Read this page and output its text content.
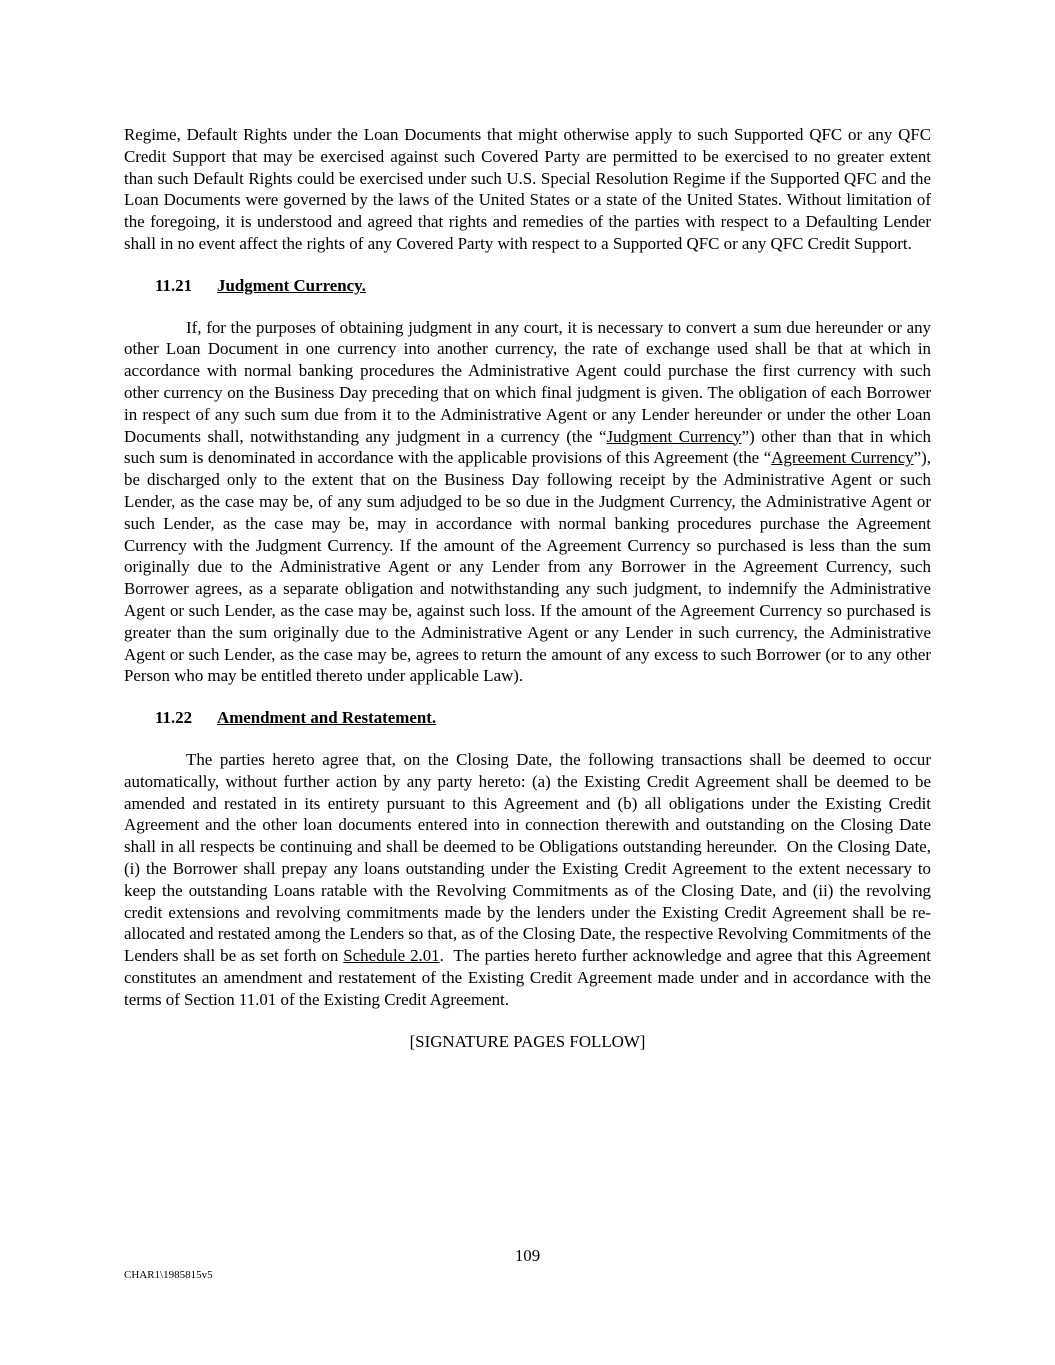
Regime, Default Rights under the Loan Documents that might otherwise apply to such Supported QFC or any QFC Credit Support that may be exercised against such Covered Party are permitted to be exercised to no greater extent than such Default Rights could be exercised under such U.S. Special Resolution Regime if the Supported QFC and the Loan Documents were governed by the laws of the United States or a state of the United States. Without limitation of the foregoing, it is understood and agreed that rights and remedies of the parties with respect to a Defaulting Lender shall in no event affect the rights of any Covered Party with respect to a Supported QFC or any QFC Credit Support.

11.21 Judgment Currency.

If, for the purposes of obtaining judgment in any court, it is necessary to convert a sum due hereunder or any other Loan Document in one currency into another currency, the rate of exchange used shall be that at which in accordance with normal banking procedures the Administrative Agent could purchase the first currency with such other currency on the Business Day preceding that on which final judgment is given. The obligation of each Borrower in respect of any such sum due from it to the Administrative Agent or any Lender hereunder or under the other Loan Documents shall, notwithstanding any judgment in a currency (the “Judgment Currency”) other than that in which such sum is denominated in accordance with the applicable provisions of this Agreement (the “Agreement Currency”), be discharged only to the extent that on the Business Day following receipt by the Administrative Agent or such Lender, as the case may be, of any sum adjudged to be so due in the Judgment Currency, the Administrative Agent or such Lender, as the case may be, may in accordance with normal banking procedures purchase the Agreement Currency with the Judgment Currency. If the amount of the Agreement Currency so purchased is less than the sum originally due to the Administrative Agent or any Lender from any Borrower in the Agreement Currency, such Borrower agrees, as a separate obligation and notwithstanding any such judgment, to indemnify the Administrative Agent or such Lender, as the case may be, against such loss. If the amount of the Agreement Currency so purchased is greater than the sum originally due to the Administrative Agent or any Lender in such currency, the Administrative Agent or such Lender, as the case may be, agrees to return the amount of any excess to such Borrower (or to any other Person who may be entitled thereto under applicable Law).

11.22 Amendment and Restatement.

The parties hereto agree that, on the Closing Date, the following transactions shall be deemed to occur automatically, without further action by any party hereto: (a) the Existing Credit Agreement shall be deemed to be amended and restated in its entirety pursuant to this Agreement and (b) all obligations under the Existing Credit Agreement and the other loan documents entered into in connection therewith and outstanding on the Closing Date shall in all respects be continuing and shall be deemed to be Obligations outstanding hereunder.  On the Closing Date, (i) the Borrower shall prepay any loans outstanding under the Existing Credit Agreement to the extent necessary to keep the outstanding Loans ratable with the Revolving Commitments as of the Closing Date, and (ii) the revolving credit extensions and revolving commitments made by the lenders under the Existing Credit Agreement shall be re-allocated and restated among the Lenders so that, as of the Closing Date, the respective Revolving Commitments of the Lenders shall be as set forth on Schedule 2.01.  The parties hereto further acknowledge and agree that this Agreement constitutes an amendment and restatement of the Existing Credit Agreement made under and in accordance with the terms of Section 11.01 of the Existing Credit Agreement.

[SIGNATURE PAGES FOLLOW]

109
CHAR1\1985815v5
